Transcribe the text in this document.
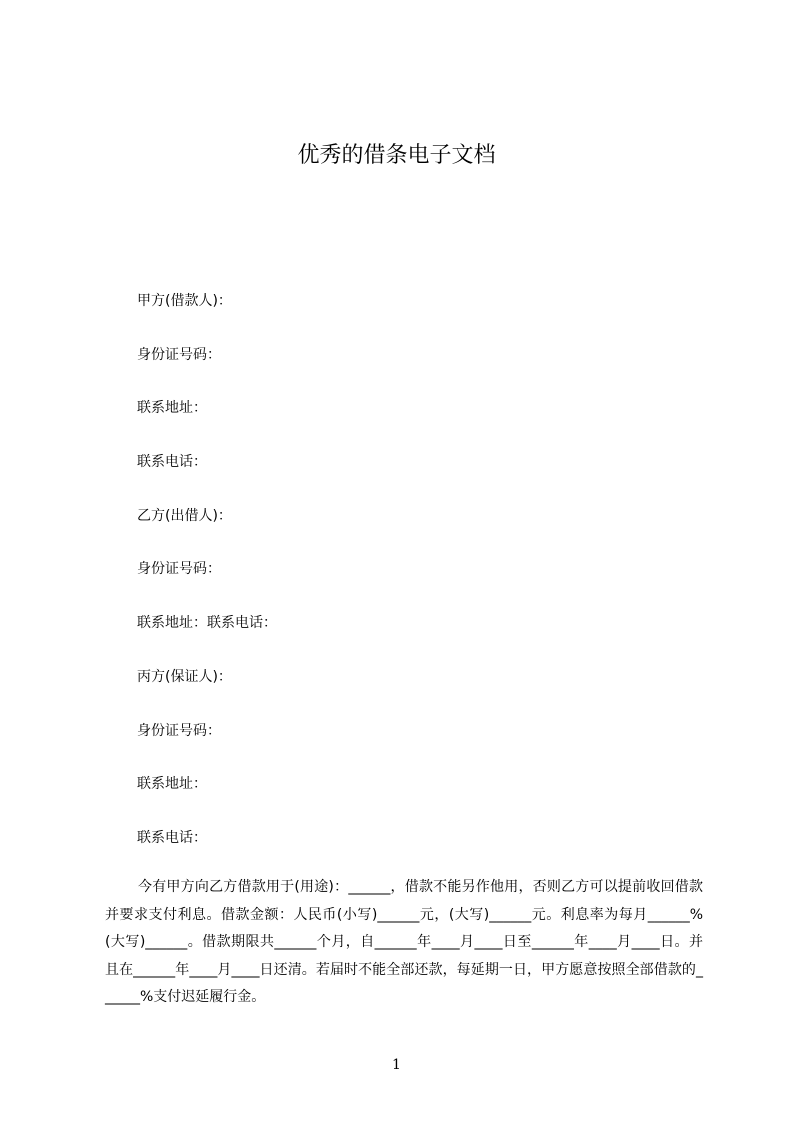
优秀的借条电子文档
甲方(借款人)：
身份证号码：
联系地址：
联系电话：
乙方(出借人)：
身份证号码：
联系地址：联系电话：
丙方(保证人)：
身份证号码：
联系地址：
联系电话：

今有甲方向乙方借款用于(用途)：______，借款不能另作他用，否则乙方可以提前收回借款并要求支付利息。借款金额：人民币(小写)______元，(大写)______元。利息率为每月______%(大写)______。借款期限共______个月，自______年____月____日至______年____月____日。并且在______年____月____日还清。若届时不能全部还款，每延期一日，甲方愿意按照全部借款的______%支付迟延履行金。

1
